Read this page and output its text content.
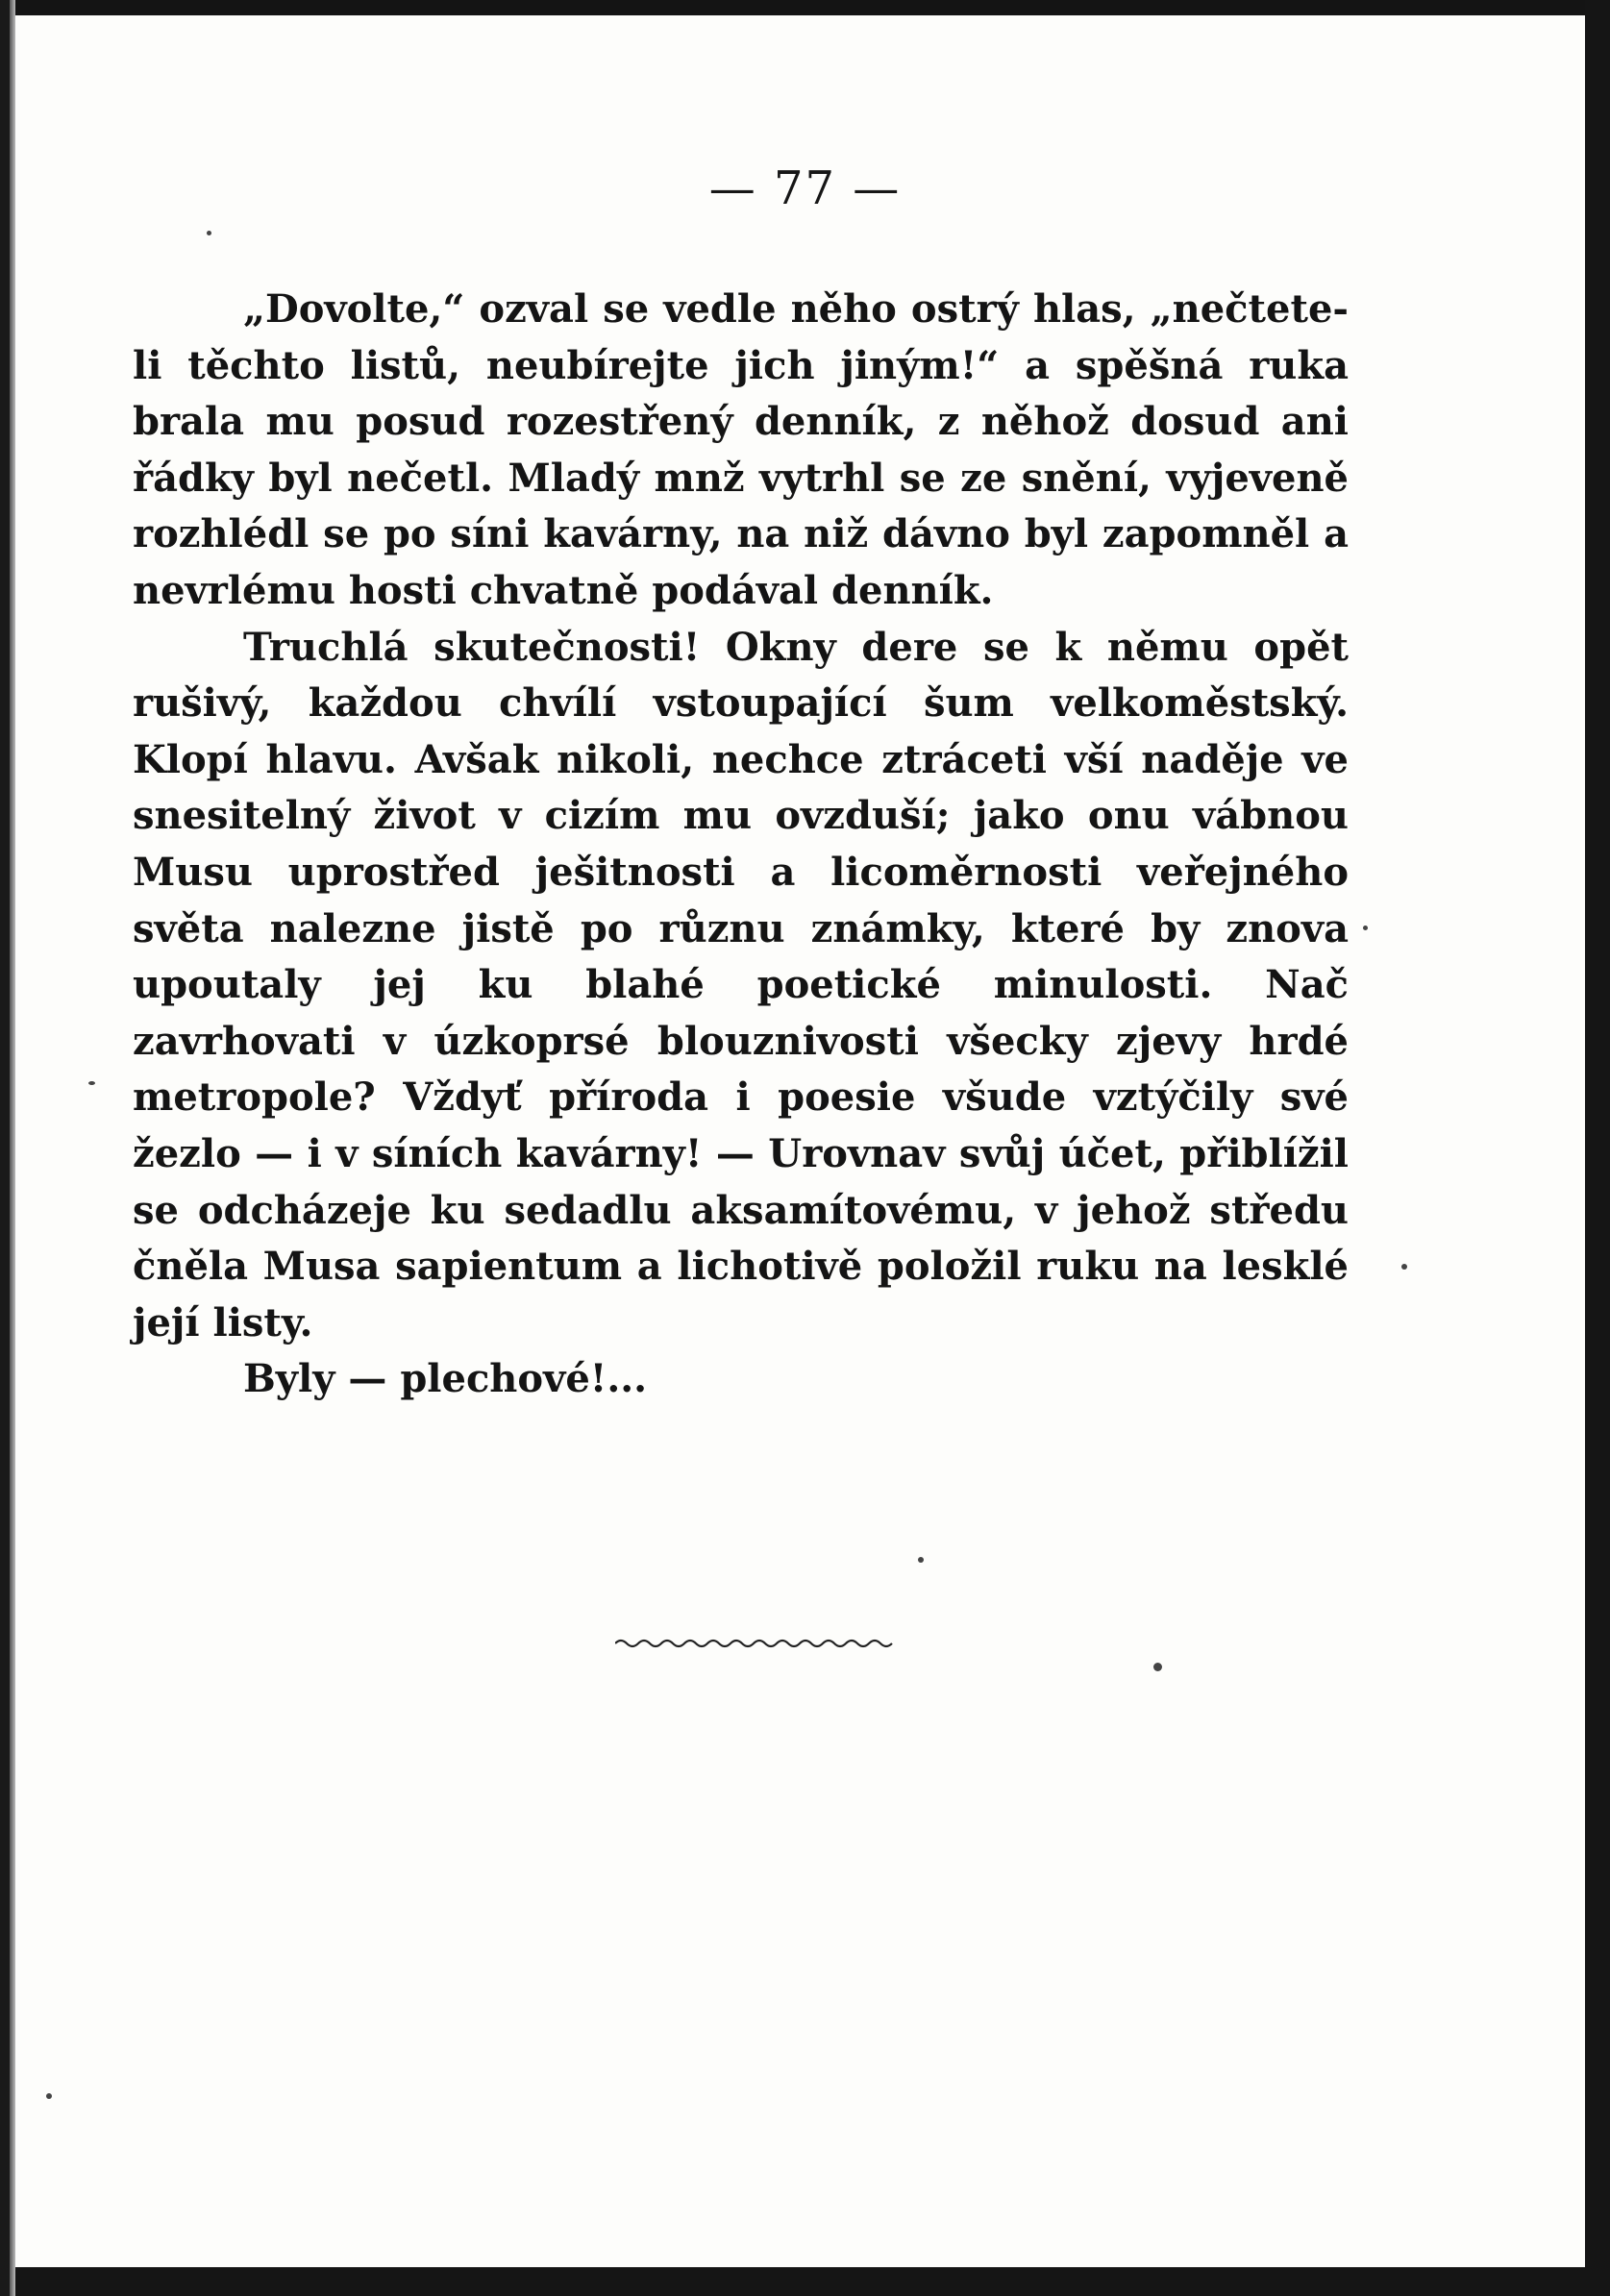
— 77 —

„Dovolte,“ ozval se vedle něho ostrý hlas, „nečtete-li těchto listů, neubírejte jich jiným!“ a spěšná ruka brala mu posud rozestřený denník, z něhož dosud ani řádky byl nečetl. Mladý mnž vytrhl se ze snění, vyjeveně rozhlédl se po síni kavárny, na niž dávno byl zapomněl a nevrlému hosti chvatně podával denník.

Truchlá skutečnosti! Okny dere se k němu opět rušivý, každou chvílí vstoupající šum velkoměstský. Klopí hlavu. Avšak nikoli, nechce ztráceti vší naděje ve snesitelný život v cizím mu ovzduší; jako onu vábnou Musu uprostřed ješitnosti a licoměrnosti veřejného světa nalezne jistě po různu známky, které by znova upoutaly jej ku blahé poetické minulosti. Nač zavrhovati v úzkoprsé blouznivosti všecky zjevy hrdé metropole? Vždyť příroda i poesie všude vztýčily své žezlo — i v síních kavárny! — Urovnav svůj účet, přiblížil se odcházeje ku sedadlu aksamítovému, v jehož středu čněla Musa sapientum a lichotivě položil ruku na lesklé její listy.

Byly — plechové!...
